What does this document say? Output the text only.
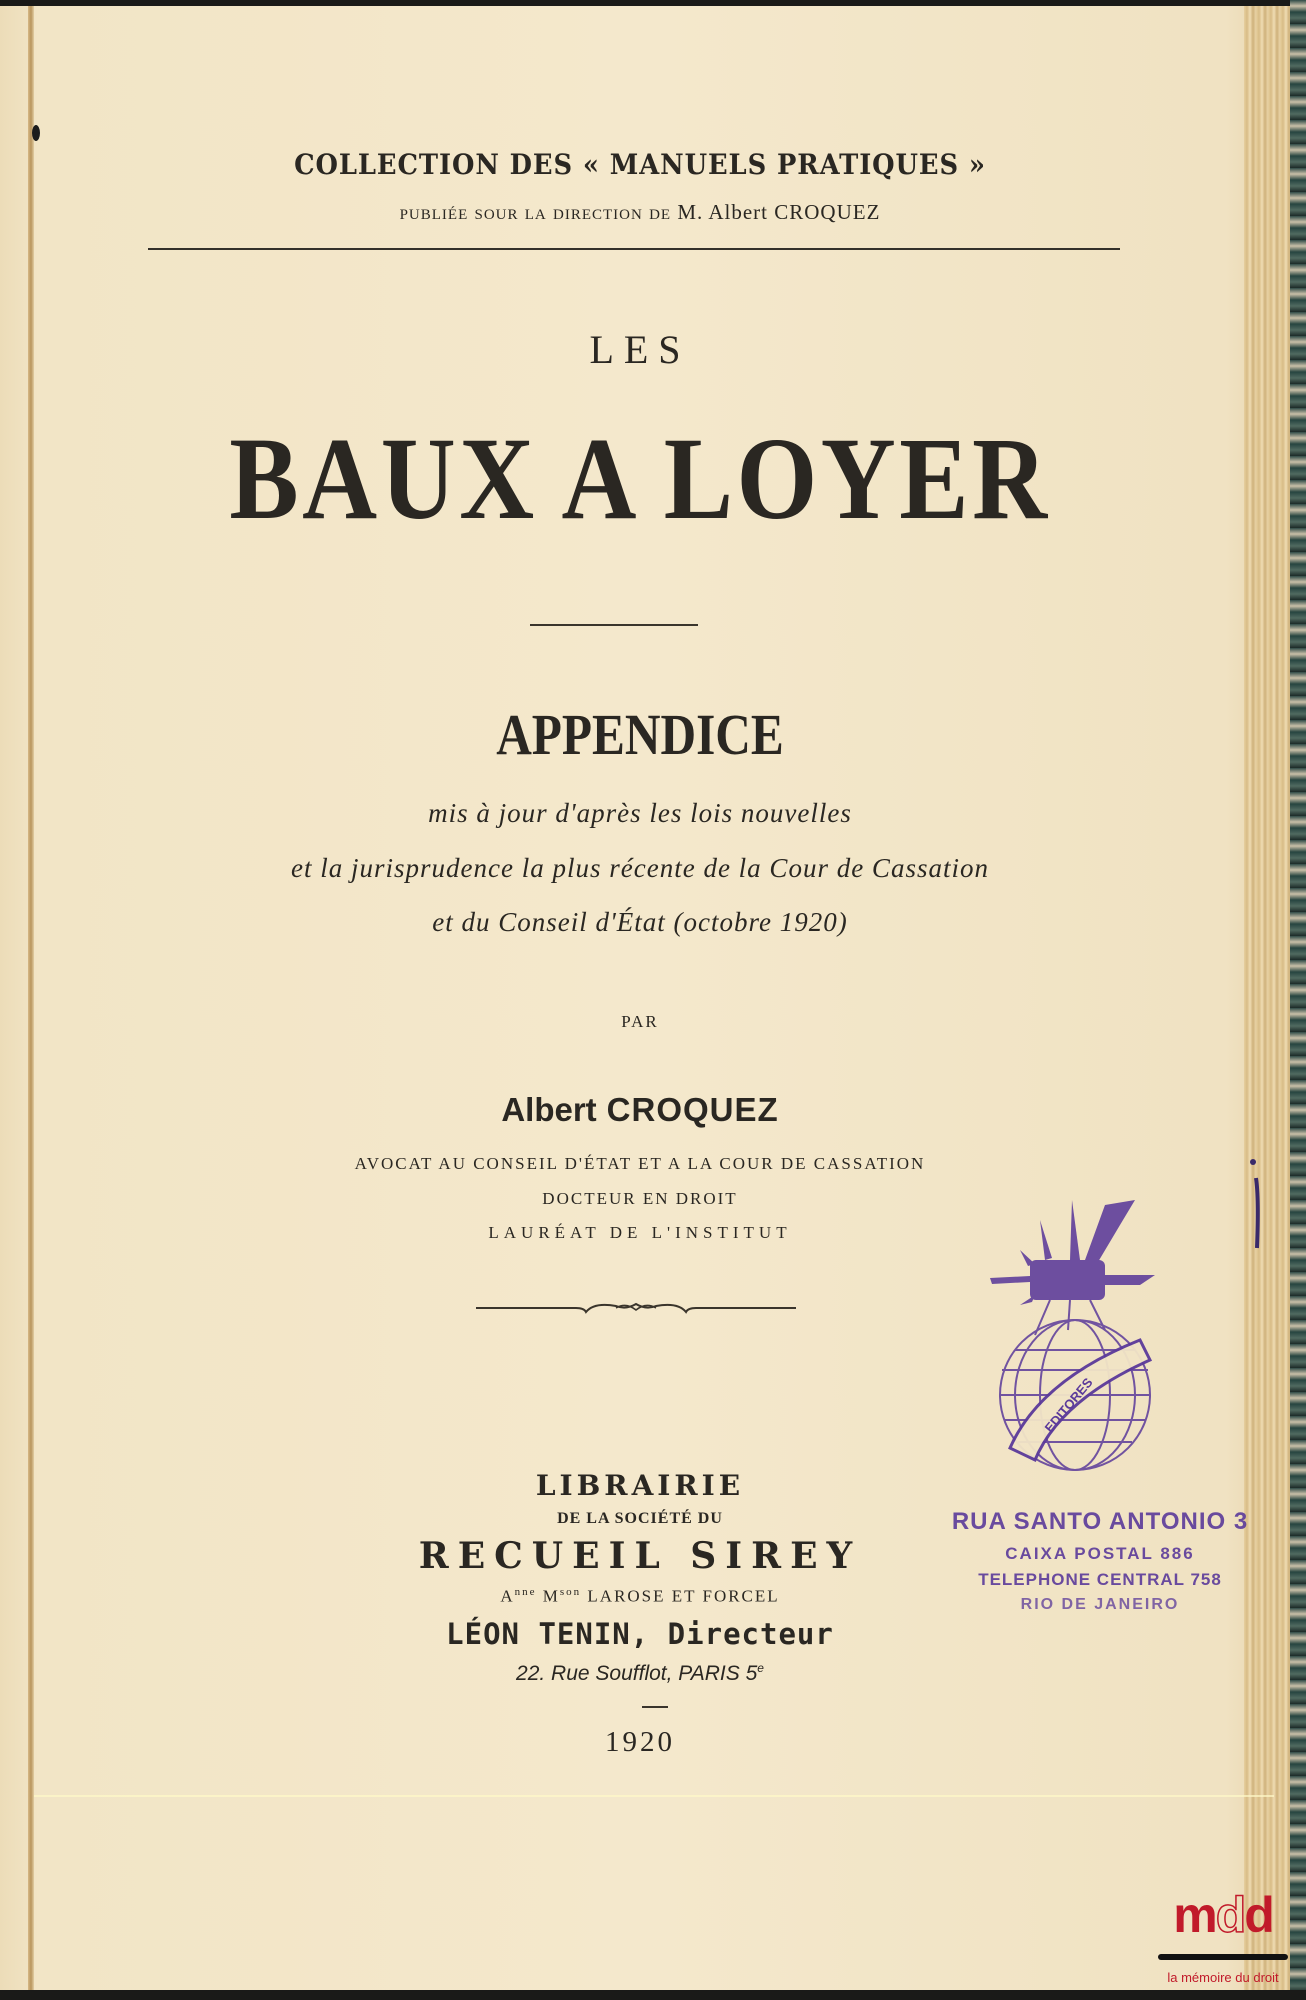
COLLECTION DES « MANUELS PRATIQUES »
publiée sour la direction de M. Albert CROQUEZ
LES
BAUX A LOYER
APPENDICE
mis à jour d'après les lois nouvelles
et la jurisprudence la plus récente de la Cour de Cassation
et du Conseil d'État (octobre 1920)
PAR
Albert CROQUEZ
AVOCAT AU CONSEIL D'ÉTAT ET A LA COUR DE CASSATION
DOCTEUR EN DROIT
LAURÉAT DE L'INSTITUT
LIBRAIRIE
DE LA SOCIÉTÉ DU
RECUEIL SIREY
$A^{nne}$ $M^{son}$ LAROSE ET FORCEL
LÉON TENIN, Directeur
22. Rue Soufflot, PARIS 5e
1920
EDITORES
RUA SANTO ANTONIO 3
CAIXA POSTAL 886
TELEPHONE CENTRAL 758
RIO DE JANEIRO
mdd
la mémoire du droit
